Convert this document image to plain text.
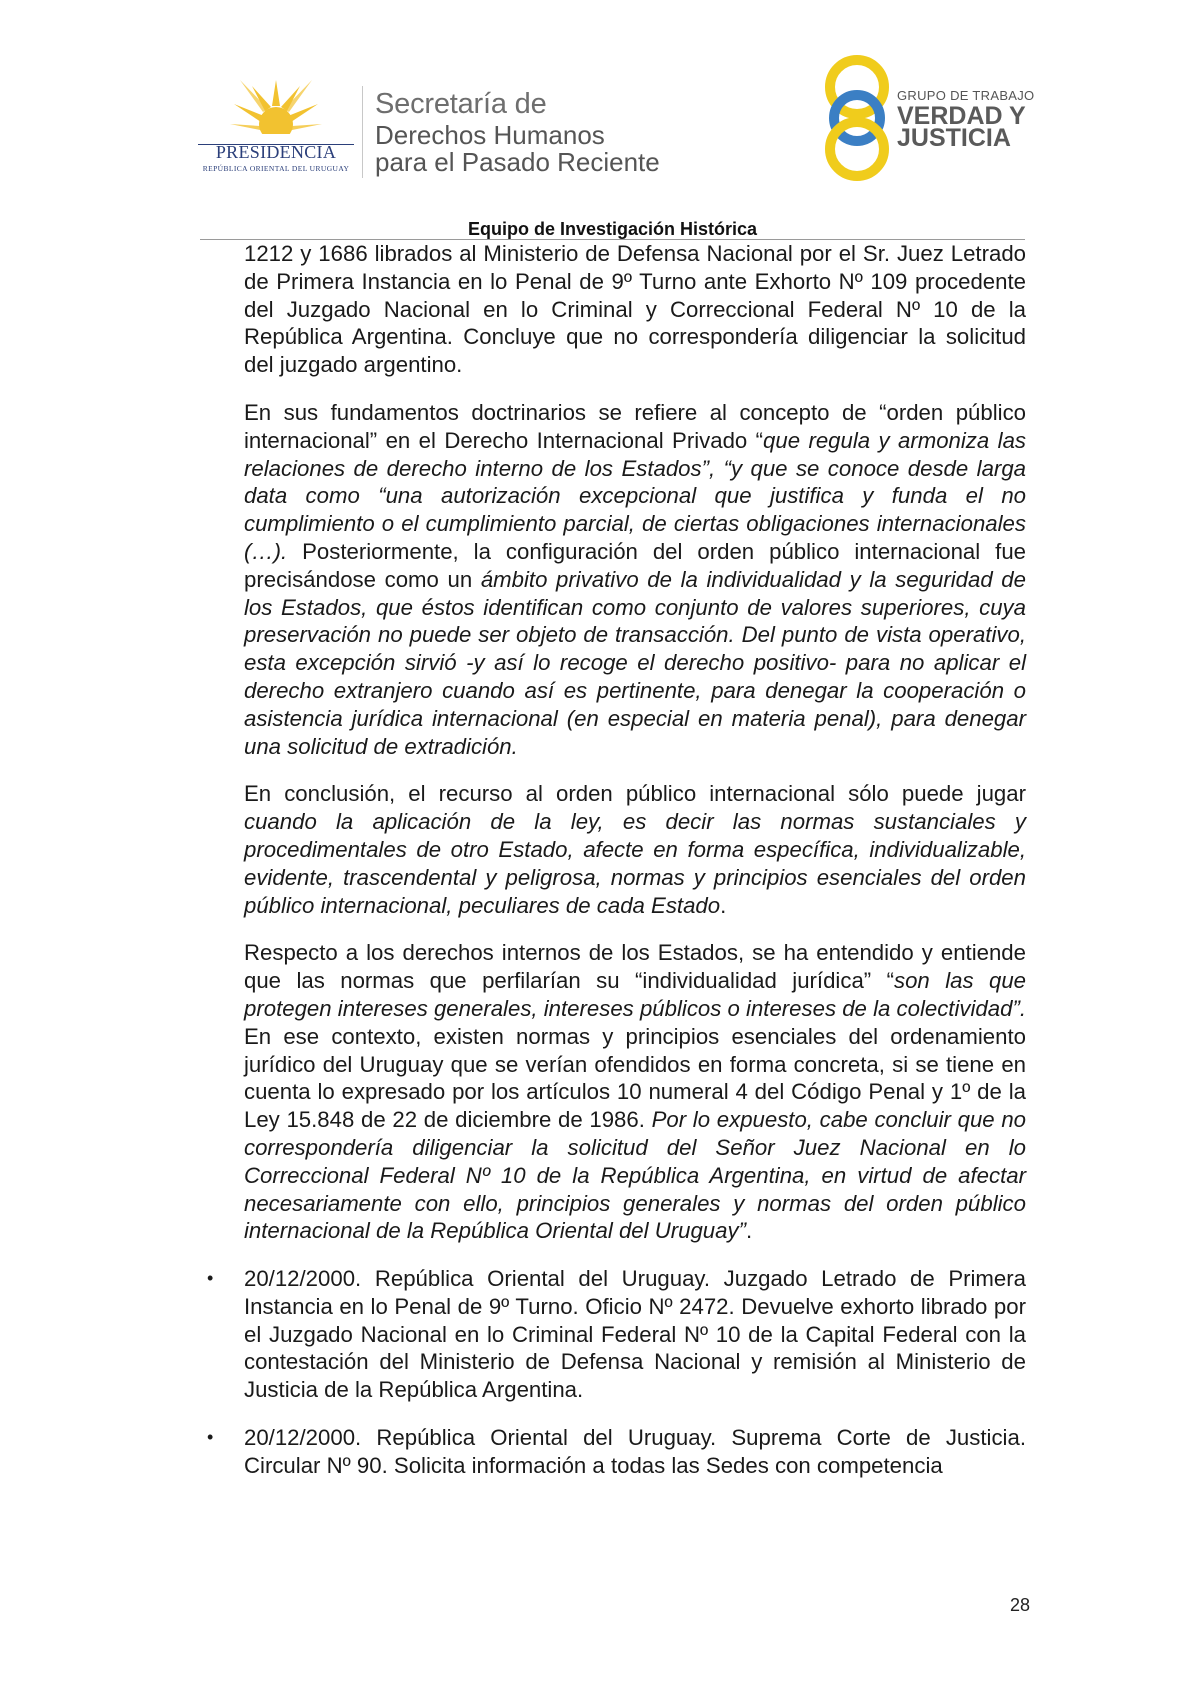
PRESIDENCIA
REPÚBLICA ORIENTAL DEL URUGUAY
Secretaría de
Derechos Humanos
para el Pasado Reciente
GRUPO DE TRABAJO
VERDAD Y
JUSTICIA
Equipo de Investigación Histórica

1212 y 1686 librados al Ministerio de Defensa Nacional por el Sr. Juez Letrado de Primera Instancia en lo Penal de 9º Turno ante Exhorto Nº 109 procedente del Juzgado Nacional en lo Criminal y Correccional Federal Nº 10 de la República Argentina. Concluye que no correspondería diligenciar la solicitud del juzgado argentino.

En sus fundamentos doctrinarios se refiere al concepto de “orden público internacional” en el Derecho Internacional Privado “que regula y armoniza las relaciones de derecho interno de los Estados”, “y que se conoce desde larga data como “una autorización excepcional que justifica y funda el no cumplimiento o el cumplimiento parcial, de ciertas obligaciones internacionales (…). Posteriormente, la configuración del orden público internacional fue precisándose como un ámbito privativo de la individualidad y la seguridad de los Estados, que éstos identifican como conjunto de valores superiores, cuya preservación no puede ser objeto de transacción. Del punto de vista operativo, esta excepción sirvió -y así lo recoge el derecho positivo- para no aplicar el derecho extranjero cuando así es pertinente, para denegar la cooperación o asistencia jurídica internacional (en especial en materia penal), para denegar una solicitud de extradición.

En conclusión, el recurso al orden público internacional sólo puede jugar cuando la aplicación de la ley, es decir las normas sustanciales y procedimentales de otro Estado, afecte en forma específica, individualizable, evidente, trascendental y peligrosa, normas y principios esenciales del orden público internacional, peculiares de cada Estado.

Respecto a los derechos internos de los Estados, se ha entendido y entiende que las normas que perfilarían su “individualidad jurídica” “son las que protegen intereses generales, intereses públicos o intereses de la colectividad”. En ese contexto, existen normas y principios esenciales del ordenamiento jurídico del Uruguay que se verían ofendidos en forma concreta, si se tiene en cuenta lo expresado por los artículos 10 numeral 4 del Código Penal y 1º de la Ley 15.848 de 22 de diciembre de 1986. Por lo expuesto, cabe concluir que no correspondería diligenciar la solicitud del Señor Juez Nacional en lo Correccional Federal Nº 10 de la República Argentina, en virtud de afectar necesariamente con ello, principios generales y normas del orden público internacional de la República Oriental del Uruguay”.

• 20/12/2000. República Oriental del Uruguay. Juzgado Letrado de Primera Instancia en lo Penal de 9º Turno. Oficio Nº 2472. Devuelve exhorto librado por el Juzgado Nacional en lo Criminal Federal Nº 10 de la Capital Federal con la contestación del Ministerio de Defensa Nacional y remisión al Ministerio de Justicia de la República Argentina.
• 20/12/2000. República Oriental del Uruguay. Suprema Corte de Justicia. Circular Nº 90. Solicita información a todas las Sedes con competencia
28
